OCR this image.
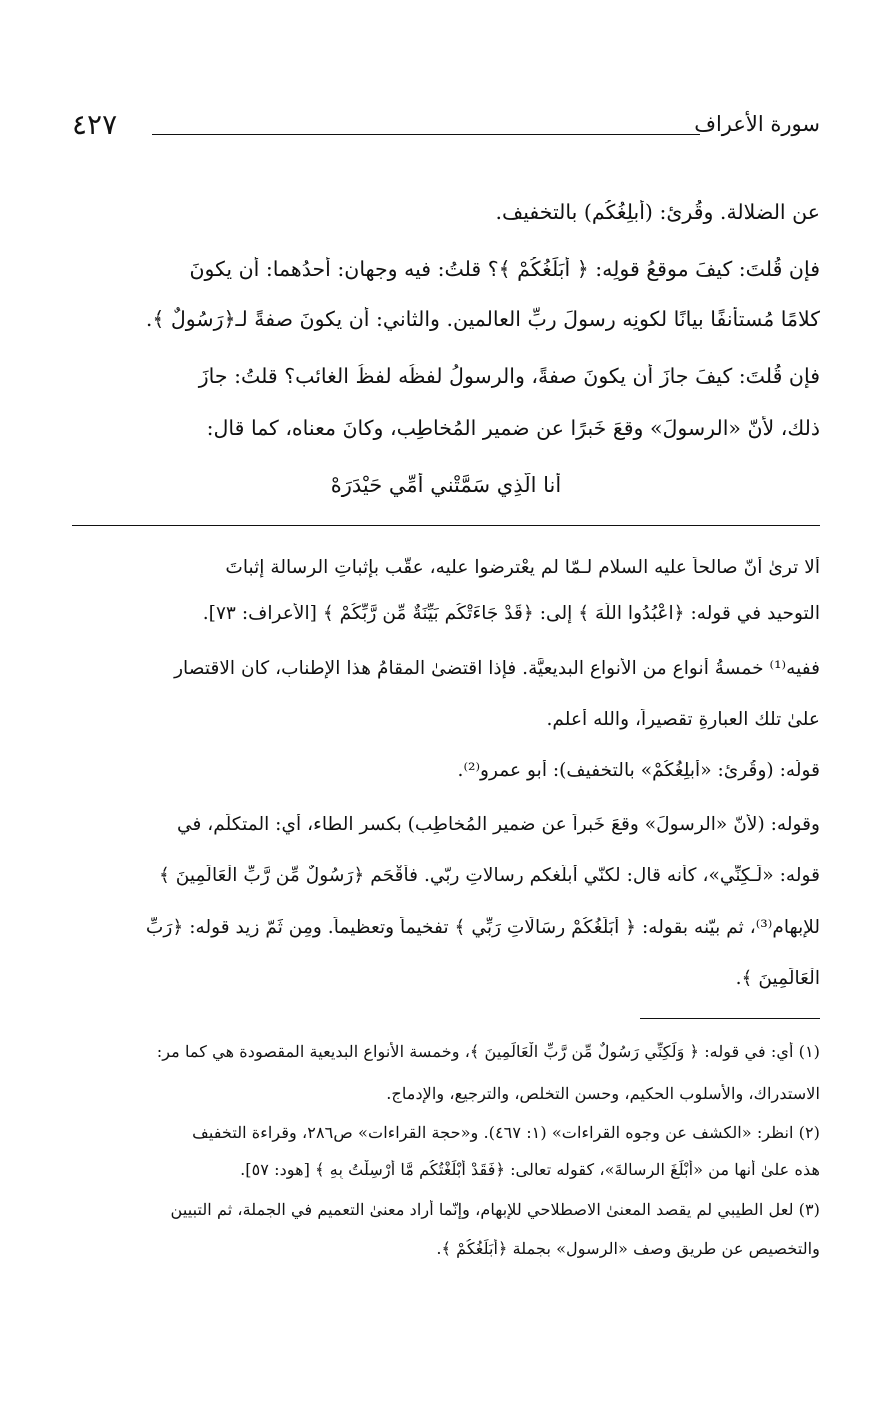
سورة الأعراف
٤٢٧
عن الضلالة. وقُرِئ: (أُبلِغُكُم) بالتخفيف.
فإن قُلتَ: كيفَ موقعُ قولِه: ﴿ أُبَلِّغُكُمْ ﴾؟ قلتُ: فيه وجهان: أحدُهما: أن يكونَ
كلامًا مُستأنفًا بيانًا لكونِه رسولَ ربِّ العالمين. والثاني: أن يكونَ صفةً لـ﴿رَسُولٌ ﴾.
فإن قُلتَ: كيفَ جازَ أن يكونَ صفةً، والرسولُ لفظُه لفظُ الغائب؟ قلتُ: جازَ
ذلك، لأنّ «الرسولَ» وقعَ خَبرًا عن ضميرِ المُخاطِب، وكانَ معناه، كما قال:
أنا الَّذِي سَمَّتْني أُمِّي حَيْدَرَهْ
ألا ترىٰ أنّ صالحاً عليه السلام لـمّا لم يعْترضوا عليه، عقّب بإثباتِ الرسالة إثباتَ
التوحيد في قوله: ﴿اعْبُدُوا اللَّهَ ﴾ إلى: ﴿قَدْ جَاءَتْكُم بَيِّنَةٌ مِّن رَّبِّكُمْ ﴾ [الأعراف: ٧٣].
ففيه⁽¹⁾ خمسةُ أنواع من الأنواع البديعيَّة. فإذا اقتضىٰ المقامُ هذا الإطناب، كان الاقتصار
علىٰ تلك العبارةِ تقصيراً، والله أعلم.
قولُه: (وقُرِئ: «أُبلِغُكُمْ» بالتخفيف): أبو عمرو⁽²⁾.
وقوله: (لأنّ «الرسولَ» وقعَ خَبراً عن ضميرِ المُخاطِب) بكسر الطاء، أي: المتكلِّم، في
قوله: «لَـكِنِّي»، كأنه قال: لكنّي أبلّغكم رسالاتِ ربّي. فأقْحَم ﴿رَسُولٌ مِّن رَّبِّ الْعَالَمِينَ ﴾
للإبهام⁽³⁾، ثم بيّنه بقوله: ﴿ أُبَلِّغُكُمْ رِسَالَاتِ رَبِّي ﴾ تفخيماً وتعظيماً. ومِن ثَمّ زيد قوله: ﴿رَبِّ
الْعَالَمِينَ ﴾.
(١) أي: في قوله: ﴿ وَلَكِنِّي رَسُولٌ مِّن رَّبِّ الْعَالَمِينَ ﴾، وخمسة الأنواع البديعية المقصودة هي كما مر:
الاستدراك، والأسلوب الحكيم، وحسن التخلص، والترجيع، والإدماج.
(٢) انظر: «الكشف عن وجوه القراءات» (١: ٤٦٧). و«حجة القراءات» ص٢٨٦، وقراءة التخفيف
هذه علىٰ أنها من «أَبْلَغَ الرسالةَ»، كقوله تعالى: ﴿فَقَدْ أَبْلَغْتُكُم مَّا أُرْسِلْتُ بِهِ ﴾ [هود: ٥٧].
(٣) لعل الطيبي لم يقصد المعنىٰ الاصطلاحي للإبهام، وإنّما أراد معنىٰ التعميم في الجملة، ثم التبيين
والتخصيص عن طريق وصف «الرسول» بجملة ﴿أُبَلِّغُكُمْ ﴾.
